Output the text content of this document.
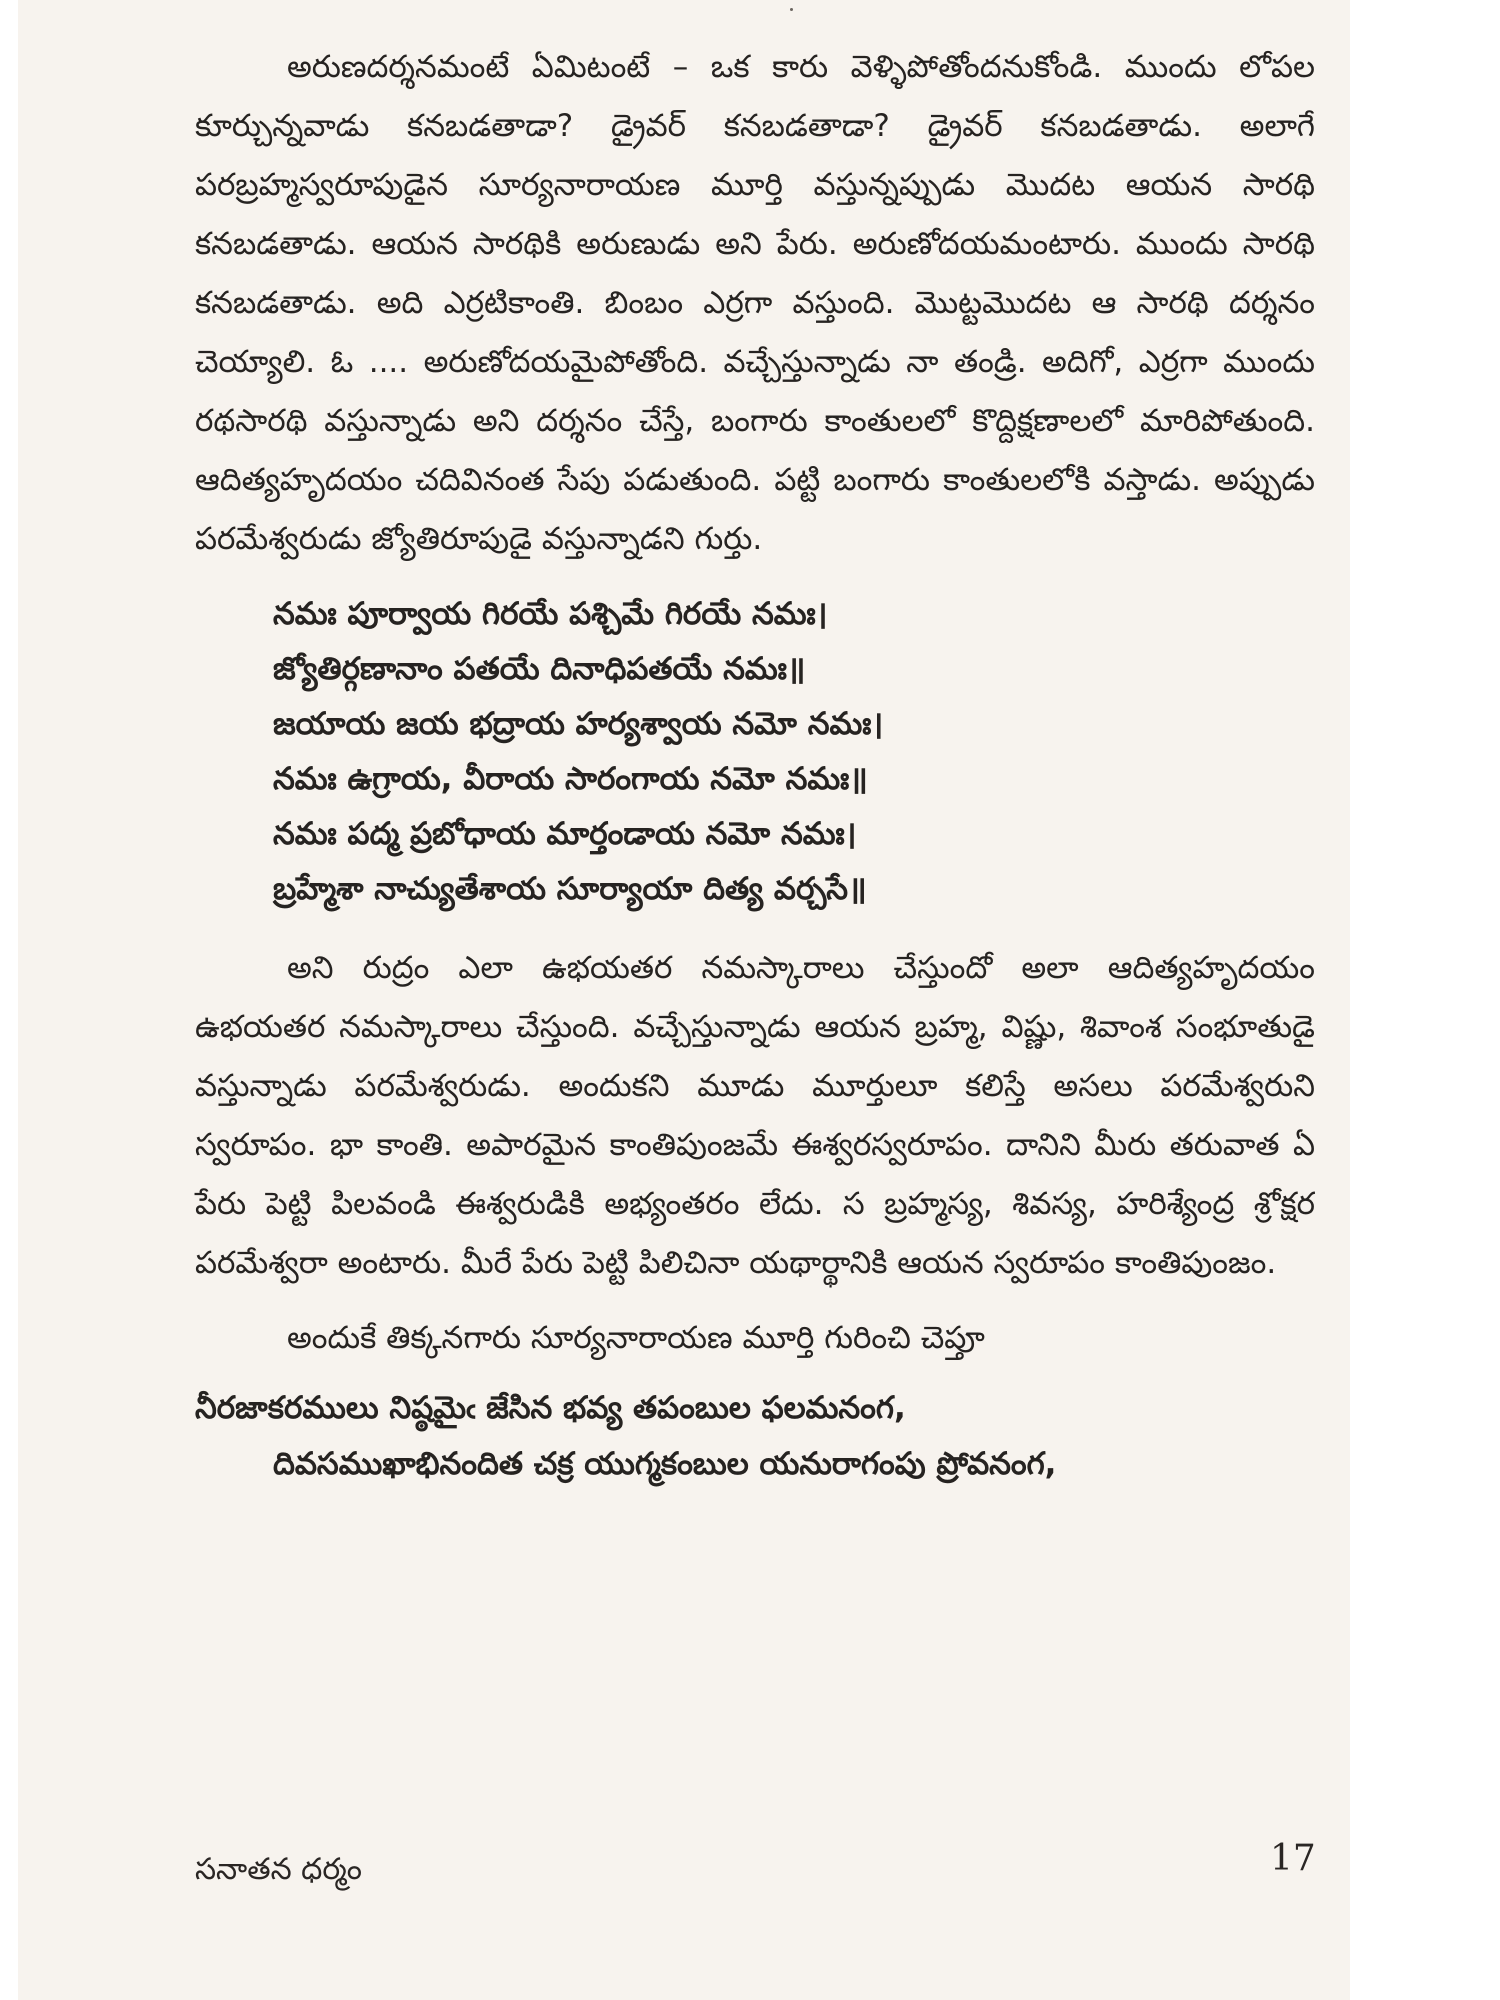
అరుణదర్శనమంటే ఏమిటంటే – ఒక కారు వెళ్ళిపోతోందనుకోండి. ముందు లోపల కూర్చున్నవాడు కనబడతాడా? డ్రైవర్ కనబడతాడా? డ్రైవర్ కనబడతాడు. అలాగే పరబ్రహ్మస్వరూపుడైన సూర్యనారాయణ మూర్తి వస్తున్నప్పుడు మొదట ఆయన సారథి కనబడతాడు. ఆయన సారథికి అరుణుడు అని పేరు. అరుణోదయమంటారు. ముందు సారథి కనబడతాడు. అది ఎర్రటికాంతి. బింబం ఎర్రగా వస్తుంది. మొట్టమొదట ఆ సారథి దర్శనం చెయ్యాలి. ఓ .... అరుణోదయమైపోతోంది. వచ్చేస్తున్నాడు నా తండ్రి. అదిగో, ఎర్రగా ముందు రథసారథి వస్తున్నాడు అని దర్శనం చేస్తే, బంగారు కాంతులలో కొద్దిక్షణాలలో మారిపోతుంది. ఆదిత్యహృదయం చదివినంత సేపు పడుతుంది. పట్టి బంగారు కాంతులలోకి వస్తాడు. అప్పుడు పరమేశ్వరుడు జ్యోతిరూపుడై వస్తున్నాడని గుర్తు.

నమః పూర్వాయ గిరయే పశ్చిమే గిరయే నమః।
జ్యోతిర్గణానాం పతయే దినాధిపతయే నమః॥
జయాయ జయ భద్రాయ హర్యశ్వాయ నమో నమః।
నమః ఉగ్రాయ, వీరాయ సారంగాయ నమో నమః॥
నమః పద్మ ప్రబోధాయ మార్తండాయ నమో నమః।
బ్రహ్మేశా నాచ్యుతేశాయ సూర్యాయా దిత్య వర్చసే॥

అని రుద్రం ఎలా ఉభయతర నమస్కారాలు చేస్తుందో అలా ఆదిత్యహృదయం ఉభయతర నమస్కారాలు చేస్తుంది. వచ్చేస్తున్నాడు ఆయన బ్రహ్మ, విష్ణు, శివాంశ సంభూతుడై వస్తున్నాడు పరమేశ్వరుడు. అందుకని మూడు మూర్తులూ కలిస్తే అసలు పరమేశ్వరుని స్వరూపం. భా కాంతి. అపారమైన కాంతిపుంజమే ఈశ్వరస్వరూపం. దానిని మీరు తరువాత ఏ పేరు పెట్టి పిలవండి ఈశ్వరుడికి అభ్యంతరం లేదు. స బ్రహ్మస్య, శివస్య, హరిశ్యేంద్ర శ్రోక్షర పరమేశ్వరా అంటారు. మీరే పేరు పెట్టి పిలిచినా యథార్థానికి ఆయన స్వరూపం కాంతిపుంజం.

అందుకే తిక్కనగారు సూర్యనారాయణ మూర్తి గురించి చెప్తూ

నీరజాకరములు నిష్ఠమైఁ జేసిన భవ్య తపంబుల ఫలమనంగ,
దివసముఖాభినందిత చక్ర యుగ్మకంబుల యనురాగంపు ప్రోవనంగ,
సనాతన ధర్మం	17
